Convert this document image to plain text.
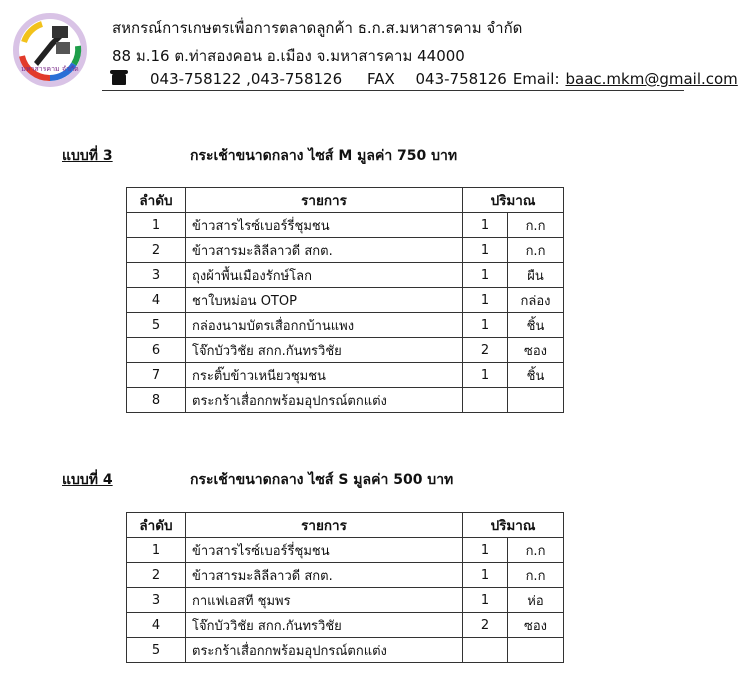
มหาสารคาม จำกัด
สหกรณ์การเกษตรเพื่อการตลาดลูกค้า ธ.ก.ส.มหาสารคาม จำกัด
88 ม.16 ต.ท่าสองคอน อ.เมือง จ.มหาสารคาม 44000
043-758122 ,043-758126 FAX 043-758126 Email: baac.mkm@gmail.com
แบบที่ 3	กระเช้าขนาดกลาง ไซส์ M มูลค่า 750 บาท
ลำดับ	รายการ	ปริมาณ	
1	ข้าวสารไรซ์เบอร์รี่ชุมชน	1	ก.ก
2	ข้าวสารมะลิลีลาวดี สกต.	1	ก.ก
3	ถุงผ้าพื้นเมืองรักษ์โลก	1	ผืน
4	ชาใบหม่อน OTOP	1	กล่อง
5	กล่องนามบัตรเสื่อกกบ้านแพง	1	ชิ้น
6	โจ๊กบัววิชัย สกก.กันทรวิชัย	2	ซอง
7	กระติ๊บข้าวเหนียวชุมชน	1	ชิ้น
8	ตระกร้าเสื่อกกพร้อมอุปกรณ์ตกแต่ง		
แบบที่ 4	กระเช้าขนาดกลาง ไซส์ S มูลค่า 500 บาท
ลำดับ	รายการ	ปริมาณ	
1	ข้าวสารไรซ์เบอร์รี่ชุมชน	1	ก.ก
2	ข้าวสารมะลิลีลาวดี สกต.	1	ก.ก
3	กาแฟเอสที ชุมพร	1	ห่อ
4	โจ๊กบัววิชัย สกก.กันทรวิชัย	2	ซอง
5	ตระกร้าเสื่อกกพร้อมอุปกรณ์ตกแต่ง		
